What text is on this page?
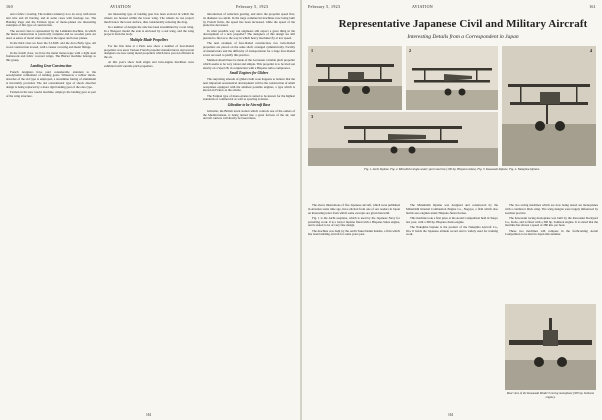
160	AVIATION	February 5, 1923

and a fabric covering. The rudders tendency is to do away with struts and wire and all bracing, and in some cases with fuselage too. The Handley Page and the Farman types of mono-planes are interesting examples of this type of construction.

The second class is represented by the Lahmann machine, in which the metal construction is practically complete and no wooden parts are used. A series of metal struts connects the upper and lower planes.

In the third class we have the S.I.M.B. and the Avro Baby type. All wood construction is used, with a veneer covering and metal fittings.

In the fourth class, we have the metal monocoque with a light steel framework and fabric covered wings. The Blériot machine belongs to this group.

Landing Gear Construction

French designers have paid considerable attention to the aerodynamic refinement of landing gears. Whenever a rubber shock-absorber of the old type is employed, a streamline fairing of aluminium is invariably provided. The old conventional type of shock absorber design is being replaced by a more rigid landing gear of the oleo type.

Farman in his new tourist machine, employs the landing gear as part of the wing structure.

An interesting type of landing gear has been evolved in which the wheels are housed within the lower wing. The wheels do not project much below the lower surface, thus considerably reducing the drag.

In a number of designs the axle has been streamlined by a real wing. In a Nieuport model the axle is enclosed by a real wing, and the wing projects from the body.

Multiple Blade Propellers

For the first time at a Paris aero show a number of four-bladed propellers was used. Various French propeller manufacturers and several designers are now using metal propellers which have proved efficient in the air.

At this year's show both single and twin-engine machines were exhibited with variable pitch propellers.

introduction of reduction gearing, and since the propeller speed first, its diameter too small. In the large commercial machines now being built by French firms, the speed has been increased, while the speed of the plane has decreased.

In what possible way can engineers still expect a great thing in the development of a new propeller? The designers of this design are still puzzled to find as to the way in which heavy machines fly at low speed.

The next example of four-bladed construction, two twin-bladed propellers are placed on the same shaft, arranged symmetrically. Facility of manufacture and the difficulty of transportation for a large four-bladed screw are used to justify this practice.

Mention should here be made of the Levasseur variable pitch propeller which seems to be very robust and simple. This propeller is to be tried out shortly on a Spad 28, in conjunction with a Hispano turbo-compressor.

Small Engines for Gliders

The surprising amount of gliders built soon happens to believe that the next important aeronautical development will be the construction of small aeroplanes equipped with the smallest possible engines, a type which is known in France as the aviette.

The Farman type of mono-planes is suited to be known for the highest standards of commercial as well as sporting aviation.

Gibraltar to be Aircraft Base

Gibraltar, the British naval station which controls one of the outlets of the Mediterranean, is being turned into a great fortress of the air, and aircraft carriers will shortly be based there.

161
February 5, 1923	AVIATION	161
Representative Japanese Civil and Military Aircraft
Interesting Details from a Correspondent in Japan
1	2	4
3
Fig. 1. Aichi biplane. Fig. 2. Mitsubishi single-seater sport machine (100 hp. Hispano-Suiza). Fig. 3. Kawasaki biplane. Fig. 4. Nakajima biplane.

The above illustrations of five Japanese aircraft, which were published in Aviation some time ago, have elicited from one of our readers in Japan an interesting letter from which some excerpts are given herewith.

Fig. 1 is the Aichi seaplane, which is used by the Japanese Navy for patrolling work. It is a tractor biplane fitted with a Hispano-Suiza engine, and is stated to be of very fine design.

The machine was built by the Aichi Tokei Denki Kaisha, a firm which has been building aircraft for some years past.

The Mitsubishi biplane was designed and constructed by the Mitsubishi Internal Combustion Engine Co., Nagoya, a firm which also builds aero engines under Hispano-Suiza license.

This machine took a first prize at the Aerial Competition held in Tokyo last year, with a 300 hp. Hispano-Suiza engine.

The Nakajima biplane is the product of the Nakajima Aircraft Co., Ota. It holds the Japanese altitude record and is widely used for training work.

The two racing machines which are now being tested are monoplanes with a cantilever thick wing. The wing designs were largely influenced by German practice.

The Kawasaki racing monoplane was built by the Kawasaki Dockyard Co., Kobe, and is fitted with a 300 hp. Salmson engine. It is stated that the machine has shown a speed of 280 km. per hour.

These two machines will compete in the forthcoming Aerial Competition to be held in Japan this summer.

Rear view of the Kawasaki Model 3 racing monoplane (300 hp. Salmson engine).
161
